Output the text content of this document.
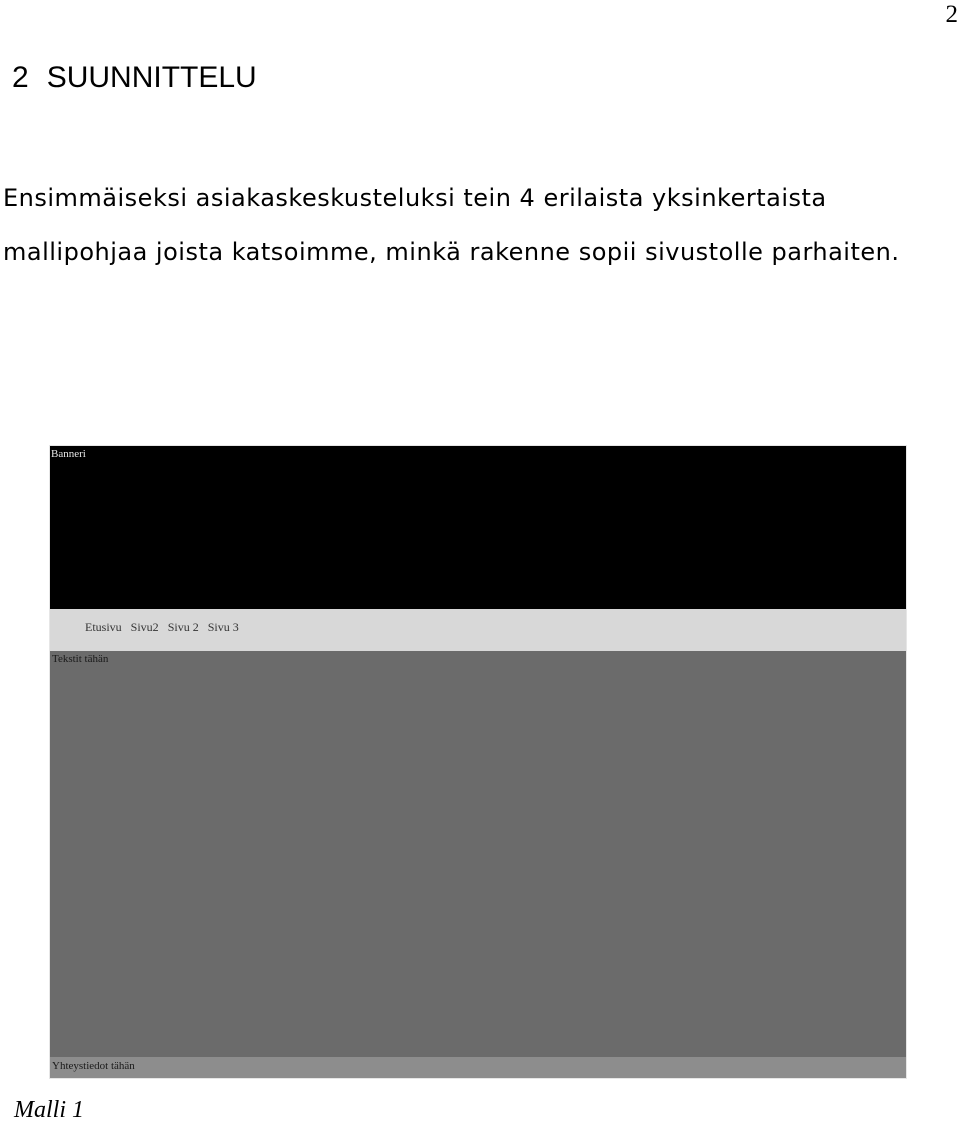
2
2 SUUNNITTELU

Ensimmäiseksi asiakaskeskusteluksi tein 4 erilaista yksinkertaista mallipohjaa joista katsoimme, minkä rakenne sopii sivustolle parhaiten.

Banneri
Etusivu Sivu2 Sivu 2 Sivu 3
Tekstit tähän
Yhteystiedot tähän
Malli 1
